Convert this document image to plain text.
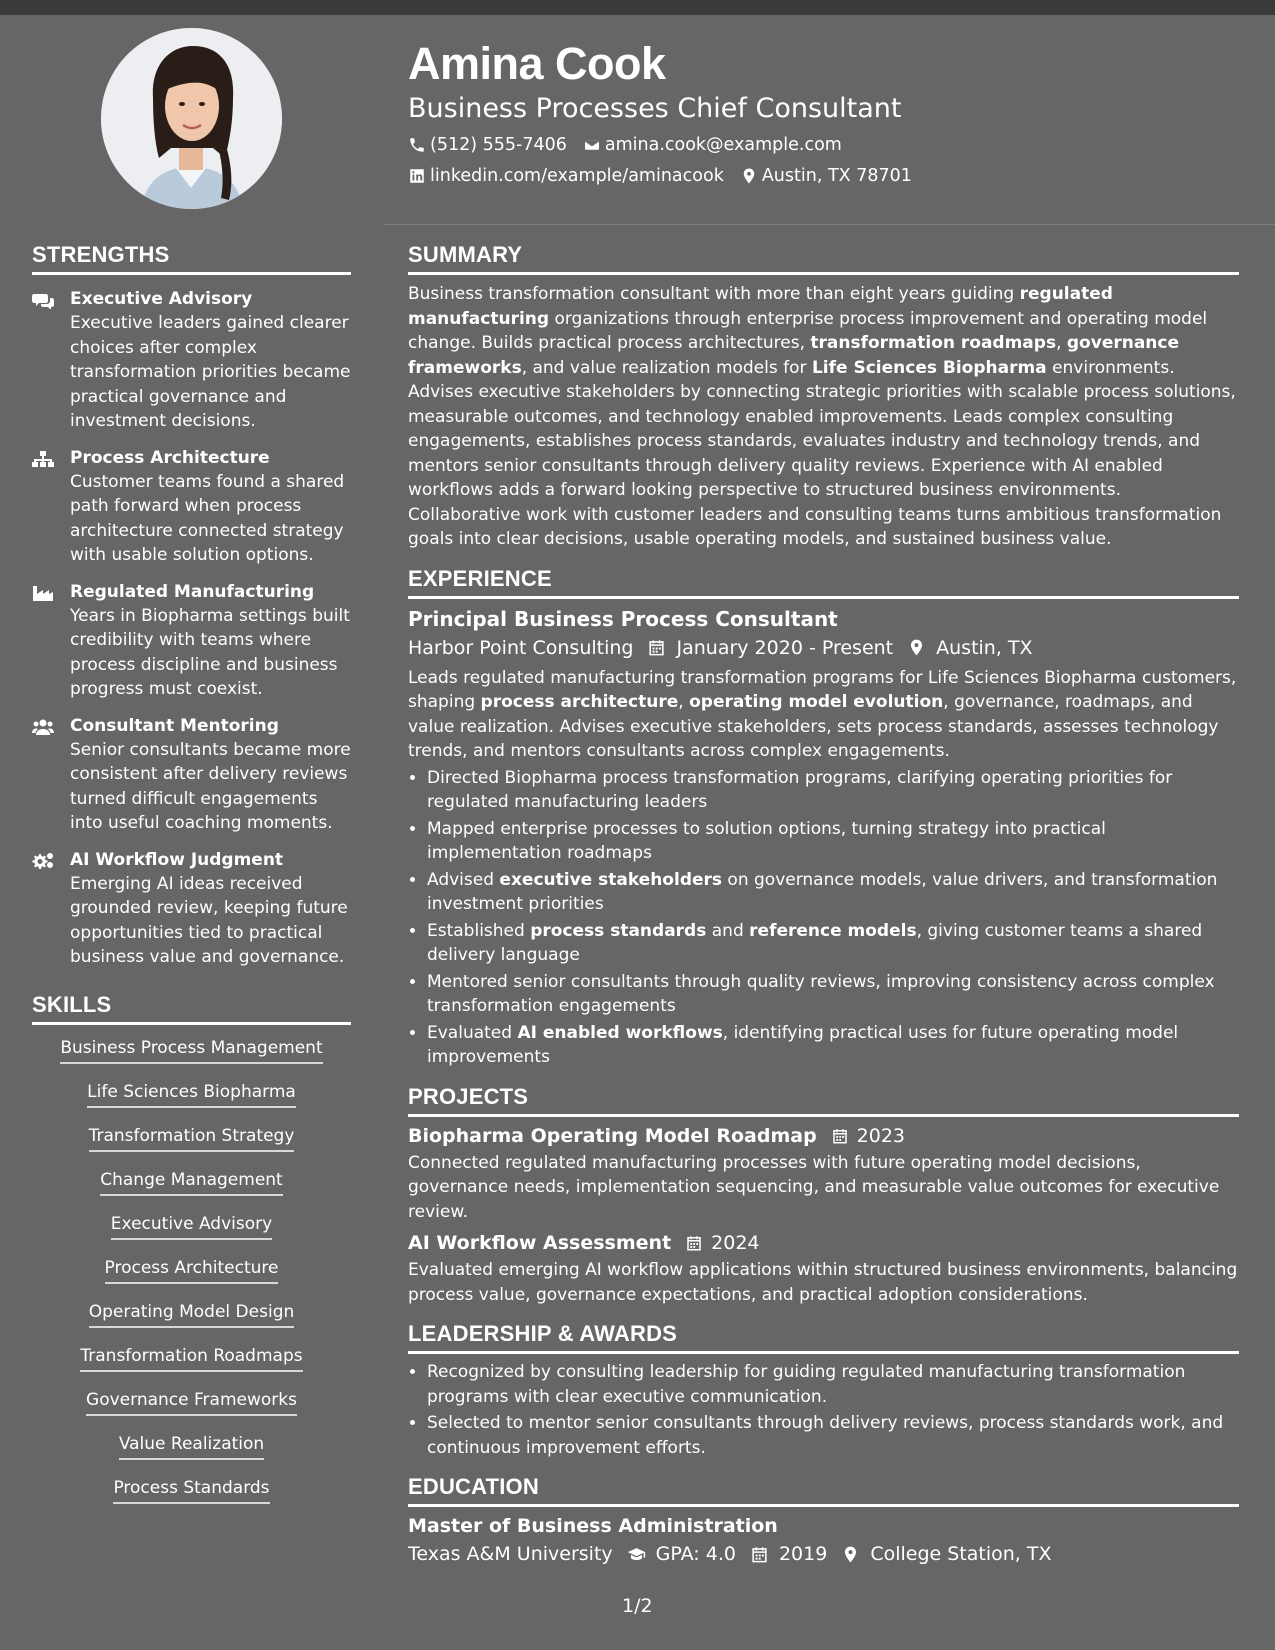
Amina Cook
Business Processes Chief Consultant
(512) 555-7406 amina.cook@example.com
linkedin.com/example/aminacook Austin, TX 78701
STRENGTHS
Executive Advisory
Executive leaders gained clearer choices after complex transformation priorities became practical governance and investment decisions.
Process Architecture
Customer teams found a shared path forward when process architecture connected strategy with usable solution options.
Regulated Manufacturing
Years in Biopharma settings built credibility with teams where process discipline and business progress must coexist.
Consultant Mentoring
Senior consultants became more consistent after delivery reviews turned difficult engagements into useful coaching moments.
AI Workflow Judgment
Emerging AI ideas received grounded review, keeping future opportunities tied to practical business value and governance.
SKILLS
Business Process Management
Life Sciences Biopharma
Transformation Strategy
Change Management
Executive Advisory
Process Architecture
Operating Model Design
Transformation Roadmaps
Governance Frameworks
Value Realization
Process Standards
SUMMARY

Business transformation consultant with more than eight years guiding regulated manufacturing organizations through enterprise process improvement and operating model change. Builds practical process architectures, transformation roadmaps, governance frameworks, and value realization models for Life Sciences Biopharma environments. Advises executive stakeholders by connecting strategic priorities with scalable process solutions, measurable outcomes, and technology enabled improvements. Leads complex consulting engagements, establishes process standards, evaluates industry and technology trends, and mentors senior consultants through delivery quality reviews. Experience with AI enabled workflows adds a forward looking perspective to structured business environments. Collaborative work with customer leaders and consulting teams turns ambitious transformation goals into clear decisions, usable operating models, and sustained business value.

EXPERIENCE
Principal Business Process Consultant
Harbor Point Consulting January 2020 - Present Austin, TX

Leads regulated manufacturing transformation programs for Life Sciences Biopharma customers, shaping process architecture, operating model evolution, governance, roadmaps, and value realization. Advises executive stakeholders, sets process standards, assesses technology trends, and mentors consultants across complex engagements.

• Directed Biopharma process transformation programs, clarifying operating priorities for regulated manufacturing leaders
• Mapped enterprise processes to solution options, turning strategy into practical implementation roadmaps
• Advised executive stakeholders on governance models, value drivers, and transformation investment priorities
• Established process standards and reference models, giving customer teams a shared delivery language
• Mentored senior consultants through quality reviews, improving consistency across complex transformation engagements
• Evaluated AI enabled workflows, identifying practical uses for future operating model improvements
PROJECTS
Biopharma Operating Model Roadmap 2023

Connected regulated manufacturing processes with future operating model decisions, governance needs, implementation sequencing, and measurable value outcomes for executive review.

AI Workflow Assessment 2024

Evaluated emerging AI workflow applications within structured business environments, balancing process value, governance expectations, and practical adoption considerations.

LEADERSHIP & AWARDS
• Recognized by consulting leadership for guiding regulated manufacturing transformation programs with clear executive communication.
• Selected to mentor senior consultants through delivery reviews, process standards work, and continuous improvement efforts.
EDUCATION
Master of Business Administration
Texas A&M University GPA: 4.0 2019 College Station, TX
1/2
